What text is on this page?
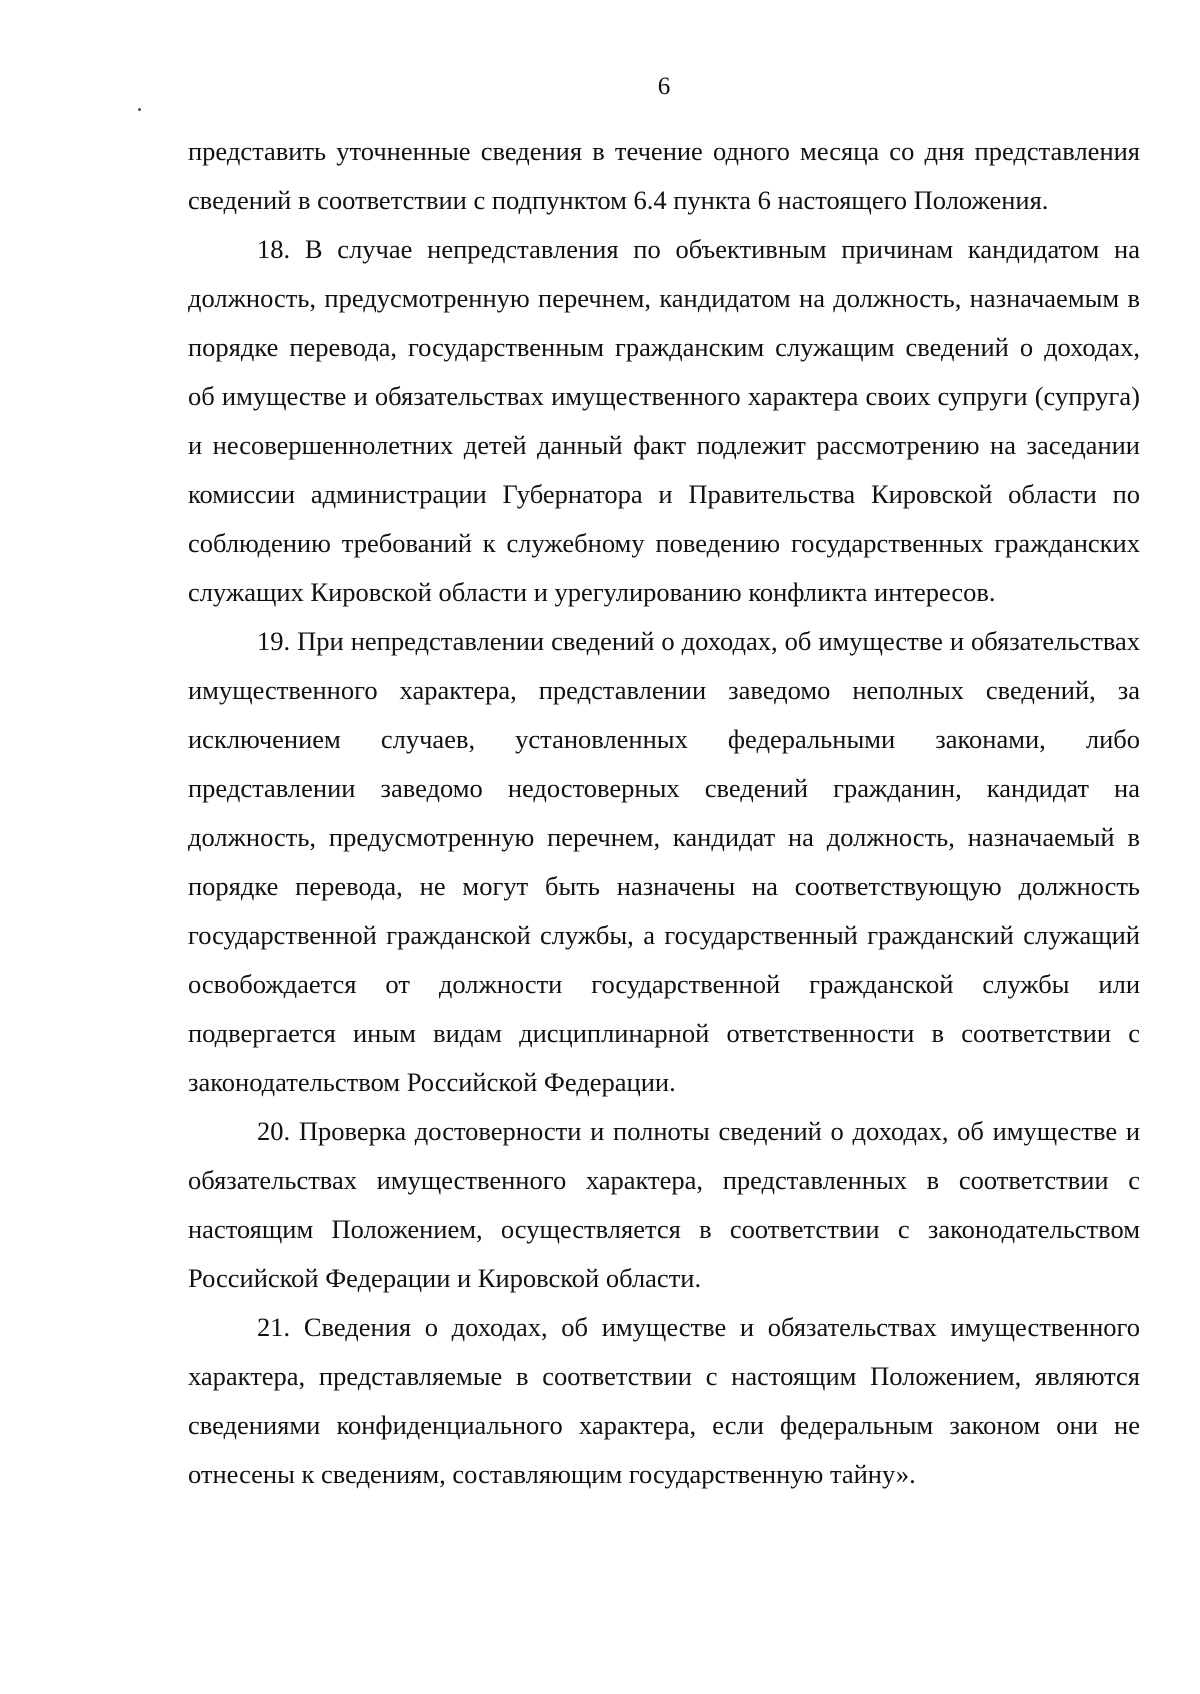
6

представить уточненные сведения в течение одного месяца со дня представления сведений в соответствии с подпунктом 6.4 пункта 6 настоящего Положения.

18. В случае непредставления по объективным причинам кандидатом на должность, предусмотренную перечнем, кандидатом на должность, назначаемым в порядке перевода, государственным гражданским служащим сведений о доходах, об имуществе и обязательствах имущественного характера своих супруги (супруга) и несовершеннолетних детей данный факт подлежит рассмотрению на заседании комиссии администрации Губернатора и Правительства Кировской области по соблюдению требований к служебному поведению государственных гражданских служащих Кировской области и урегулированию конфликта интересов.

19. При непредставлении сведений о доходах, об имуществе и обязательствах имущественного характера, представлении заведомо неполных сведений, за исключением случаев, установленных федеральными законами, либо представлении заведомо недостоверных сведений гражданин, кандидат на должность, предусмотренную перечнем, кандидат на должность, назначаемый в порядке перевода, не могут быть назначены на соответствующую должность государственной гражданской службы, а государственный гражданский служащий освобождается от должности государственной гражданской службы или подвергается иным видам дисциплинарной ответственности в соответствии с законодательством Российской Федерации.

20. Проверка достоверности и полноты сведений о доходах, об имуществе и обязательствах имущественного характера, представленных в соответствии с настоящим Положением, осуществляется в соответствии с законодательством Российской Федерации и Кировской области.

21. Сведения о доходах, об имуществе и обязательствах имущественного характера, представляемые в соответствии с настоящим Положением, являются сведениями конфиденциального характера, если федеральным законом они не отнесены к сведениям, составляющим государственную тайну».
